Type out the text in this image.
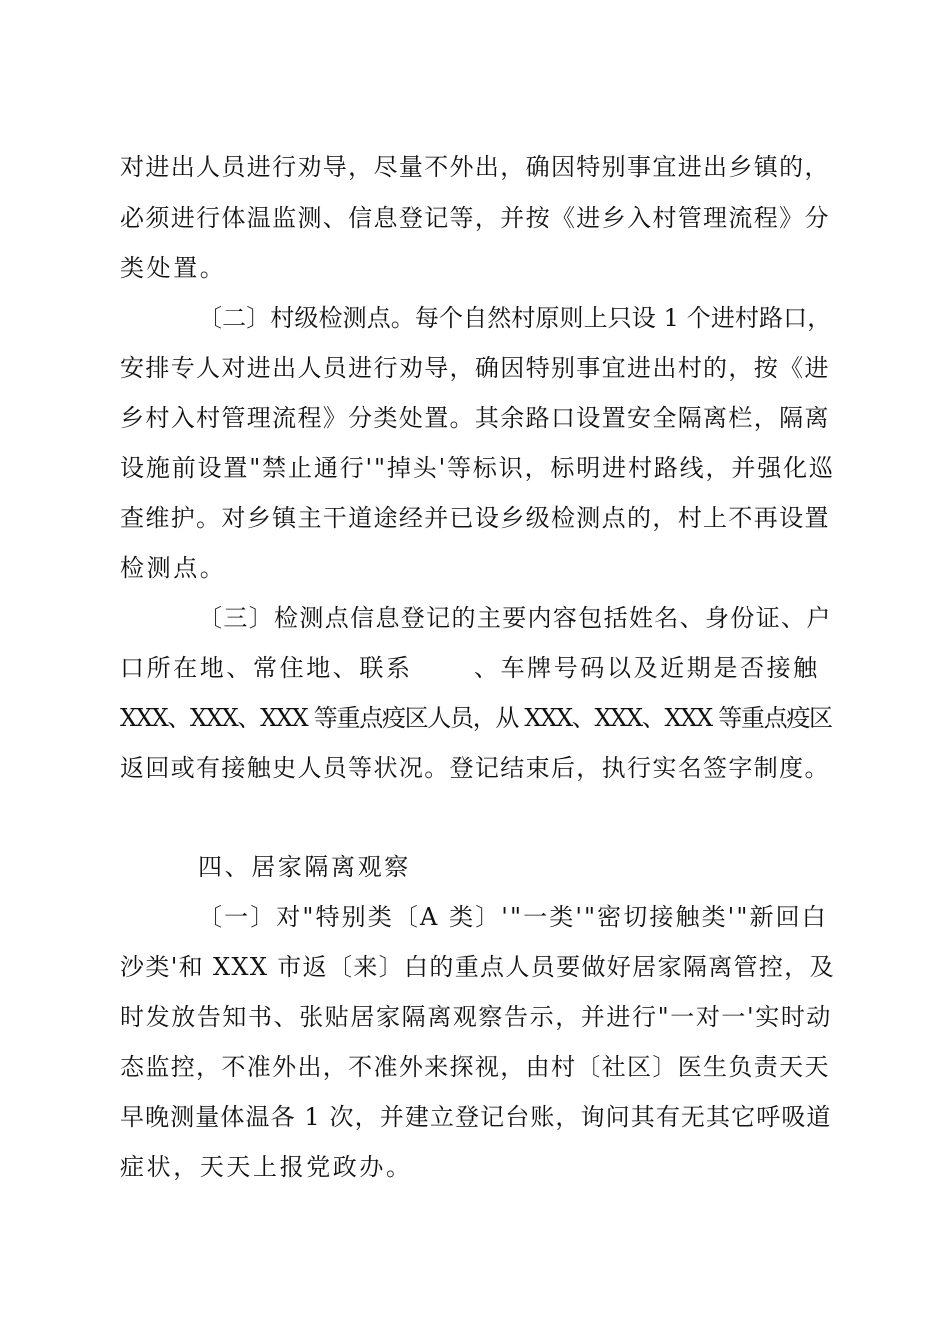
对进出人员进行劝导，尽量不外出，确因特别事宜进出乡镇的，
必须进行体温监测、信息登记等，并按《进乡入村管理流程》分
类处置。
〔二〕村级检测点。每个自然村原则上只设 1 个进村路口，
安排专人对进出人员进行劝导，确因特别事宜进出村的，按《进
乡村入村管理流程》分类处置。其余路口设置安全隔离栏，隔离
设施前设置"禁止通行'"掉头'等标识，标明进村路线，并强化巡
查维护。对乡镇主干道途经并已设乡级检测点的，村上不再设置
检测点。
〔三〕检测点信息登记的主要内容包括姓名、身份证、户
口所在地、常住地、联系      、车牌号码以及近期是否接触
XXX、XXX、XXX 等重点疫区人员，从 XXX、XXX、XXX 等重点疫区
返回或有接触史人员等状况。登记结束后，执行实名签字制度。
四、居家隔离观察
〔一〕对"特别类〔A 类〕'"一类'"密切接触类'"新回白
沙类'和 XXX 市返〔来〕白的重点人员要做好居家隔离管控，及
时发放告知书、张贴居家隔离观察告示，并进行"一对一'实时动
态监控，不准外出，不准外来探视，由村〔社区〕医生负责天天
早晚测量体温各 1 次，并建立登记台账，询问其有无其它呼吸道
症状，天天上报党政办。
